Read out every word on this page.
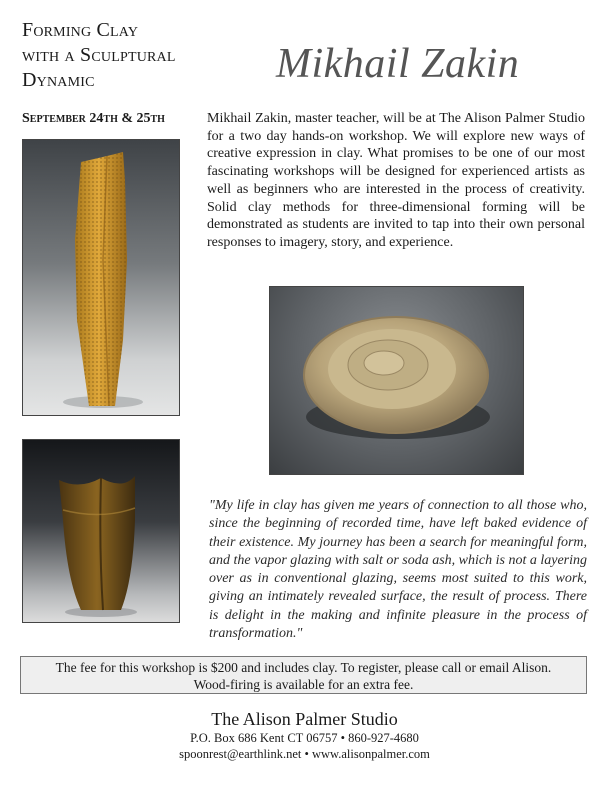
Forming Clay
with a Sculptural
Dynamic	Mikhail Zakin
September 24th & 25th	Mikhail Zakin, master teacher, will be at The Alison Palmer Studio for a two day hands-on workshop. We will explore new ways of creative expression in clay. What promises to be one of our most fascinating workshops will be designed for experienced artists as well as beginners who are interested in the process of creativity. Solid clay methods for three-dimensional forming will be demonstrated as students are invited to tap into their own personal responses to imagery, story, and experience.
"My life in clay has given me years of connection to all those who, since the beginning of recorded time, have left baked evidence of their existence. My journey has been a search for meaningful form, and the vapor glazing with salt or soda ash, which is not a layering over as in conventional glazing, seems most suited to this work, giving an intimately revealed surface, the result of process. There is delight in the making and infinite pleasure in the process of transformation."
The fee for this workshop is $200 and includes clay. To register, please call or email Alison.
Wood-firing is available for an extra fee.
The Alison Palmer Studio
P.O. Box 686 Kent CT 06757 • 860-927-4680
spoonrest@earthlink.net • www.alisonpalmer.com
